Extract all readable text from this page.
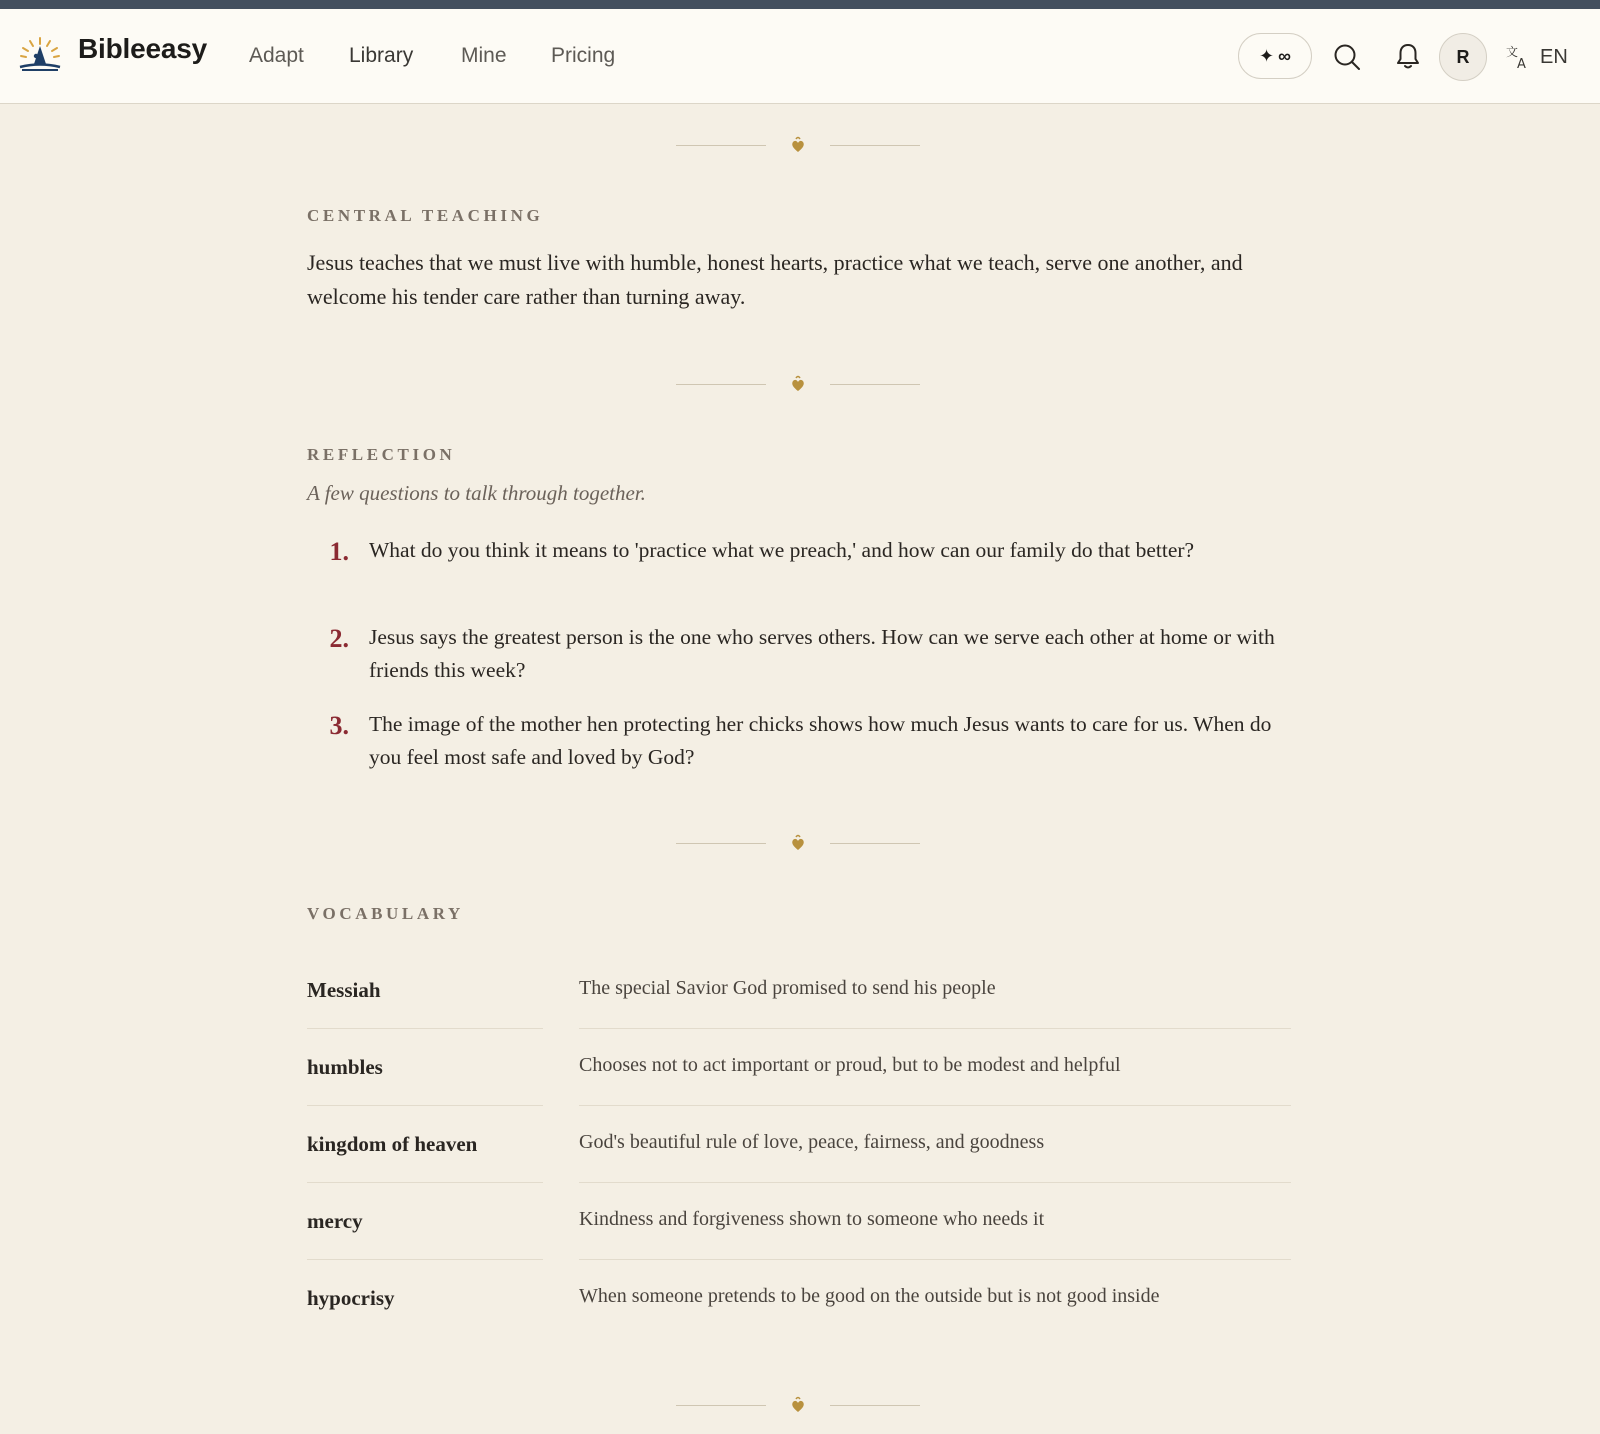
Bibleeasy Adapt Library Mine Pricing	✦ ∞	R	文
A EN
CENTRAL TEACHING
Jesus teaches that we must live with humble, honest hearts, practice what we teach, serve one another, and welcome his tender care rather than turning away.
REFLECTION
A few questions to talk through together.
1. What do you think it means to 'practice what we preach,' and how can our family do that better?
2. Jesus says the greatest person is the one who serves others. How can we serve each other at home or with friends this week?
3. The image of the mother hen protecting her chicks shows how much Jesus wants to care for us. When do you feel most safe and loved by God?
VOCABULARY
Messiah	The special Savior God promised to send his people
humbles	Chooses not to act important or proud, but to be modest and helpful
kingdom of heaven	God's beautiful rule of love, peace, fairness, and goodness
mercy	Kindness and forgiveness shown to someone who needs it
hypocrisy	When someone pretends to be good on the outside but is not good inside
